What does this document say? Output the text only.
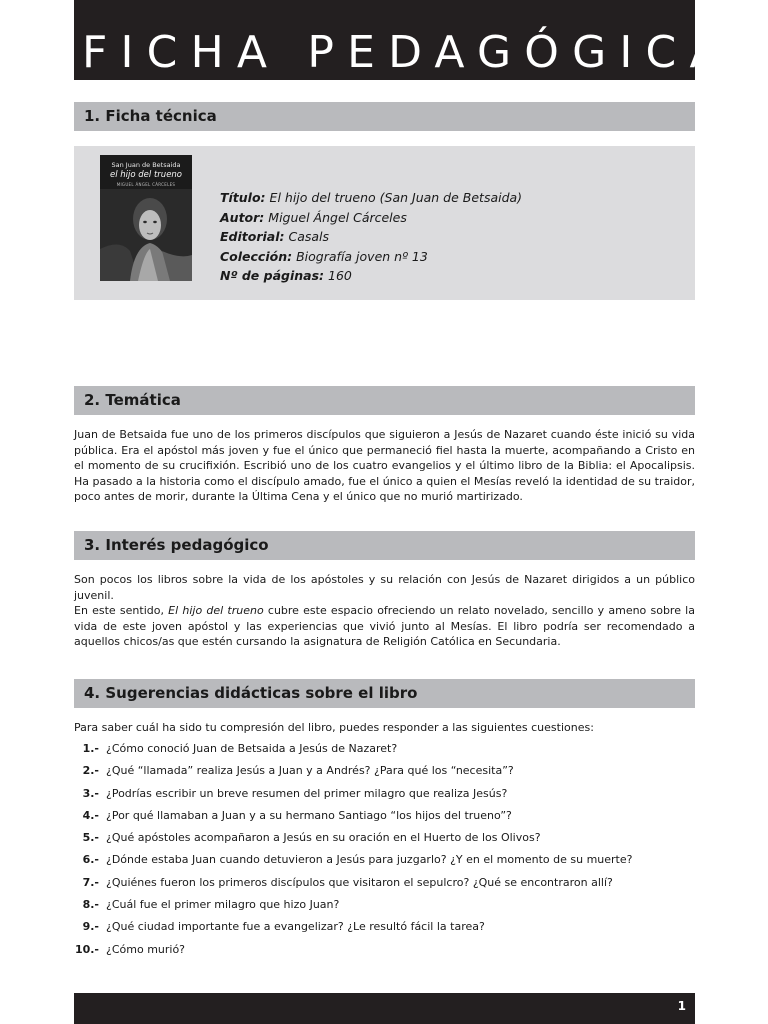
FICHA PEDAGÓGICA
1. Ficha técnica
San Juan de Betsaida
el hijo del trueno
MIGUEL ÁNGEL CÁRCELES
Título: El hijo del trueno (San Juan de Betsaida)
Autor: Miguel Ángel Cárceles
Editorial: Casals
Colección: Biografía joven nº 13
Nº de páginas: 160
2. Temática

Juan de Betsaida fue uno de los primeros discípulos que siguieron a Jesús de Nazaret cuando éste inició su vida pública. Era el apóstol más joven y fue el único que permaneció fiel hasta la muerte, acompañando a Cristo en el momento de su crucifixión. Escribió uno de los cuatro evangelios y el último libro de la Biblia: el Apocalipsis. Ha pasado a la historia como el discípulo amado, fue el único a quien el Mesías reveló la identidad de su traidor, poco antes de morir, durante la Última Cena y el único que no murió martirizado.

3. Interés pedagógico

Son pocos los libros sobre la vida de los apóstoles y su relación con Jesús de Nazaret dirigidos a un público juvenil.

En este sentido, El hijo del trueno cubre este espacio ofreciendo un relato novelado, sencillo y ameno sobre la vida de este joven apóstol y las experiencias que vivió junto al Mesías. El libro podría ser recomendado a aquellos chicos/as que estén cursando la asignatura de Religión Católica en Secundaria.

4. Sugerencias didácticas sobre el libro
Para saber cuál ha sido tu compresión del libro, puedes responder a las siguientes cuestiones:
1.- ¿Cómo conoció Juan de Betsaida a Jesús de Nazaret?
2.- ¿Qué “llamada” realiza Jesús a Juan y a Andrés? ¿Para qué los “necesita”?
3.- ¿Podrías escribir un breve resumen del primer milagro que realiza Jesús?
4.- ¿Por qué llamaban a Juan y a su hermano Santiago “los hijos del trueno”?
5.- ¿Qué apóstoles acompañaron a Jesús en su oración en el Huerto de los Olivos?
6.- ¿Dónde estaba Juan cuando detuvieron a Jesús para juzgarlo? ¿Y en el momento de su muerte?
7.- ¿Quiénes fueron los primeros discípulos que visitaron el sepulcro? ¿Qué se encontraron allí?
8.- ¿Cuál fue el primer milagro que hizo Juan?
9.- ¿Qué ciudad importante fue a evangelizar? ¿Le resultó fácil la tarea?
10.- ¿Cómo murió?
1
